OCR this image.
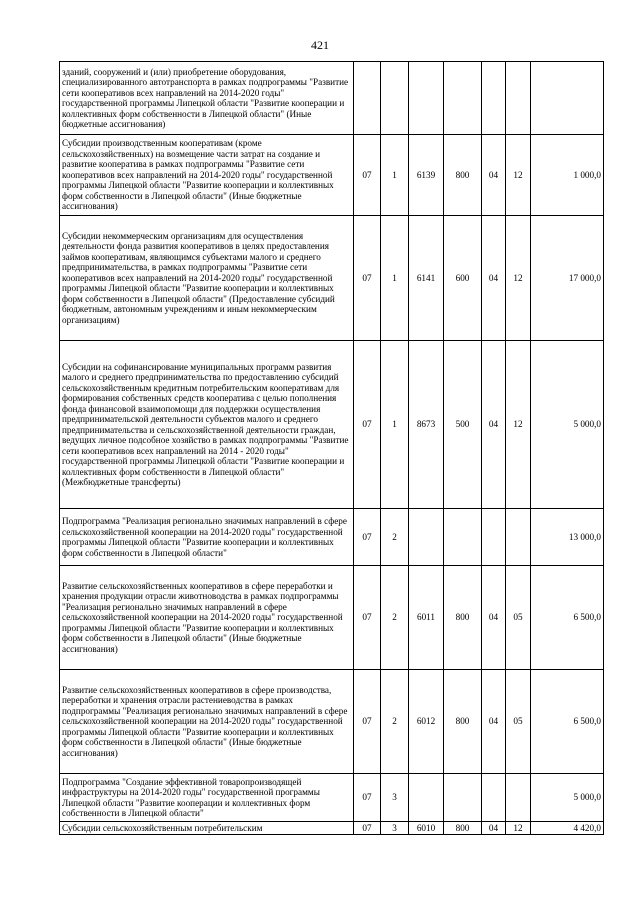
421
зданий, сооружений и (или) приобретение оборудования, специализированного автотранспорта в рамках подпрограммы "Развитие сети кооперативов всех направлений на 2014-2020 годы" государственной программы Липецкой области "Развитие кооперации и коллективных форм собственности в Липецкой области" (Иные бюджетные ассигнования)							
Субсидии производственным кооперативам (кроме сельскохозяйственных) на возмещение части затрат на создание и развитие кооператива в рамках подпрограммы "Развитие сети кооперативов всех направлений на 2014-2020 годы" государственной программы Липецкой области "Развитие кооперации и коллективных форм собственности в Липецкой области" (Иные бюджетные ассигнования)	07	1	6139	800	04	12	1 000,0
Субсидии некоммерческим организациям для осуществления деятельности фонда развития кооперативов в целях предоставления займов кооперативам, являющимся субъектами малого и среднего предпринимательства, в рамках подпрограммы "Развитие сети кооперативов всех направлений на 2014-2020 годы" государственной программы Липецкой области "Развитие кооперации и коллективных форм собственности в Липецкой области" (Предоставление субсидий бюджетным, автономным учреждениям и иным некоммерческим организациям)	07	1	6141	600	04	12	17 000,0
Субсидии на софинансирование муниципальных программ развития малого и среднего предпринимательства по предоставлению субсидий сельскохозяйственным кредитным потребительским кооперативам для формирования собственных средств кооператива с целью пополнения фонда финансовой взаимопомощи для поддержки осуществления предпринимательской деятельности субъектов малого и среднего предпринимательства и сельскохозяйственной деятельности граждан, ведущих личное подсобное хозяйство в рамках подпрограммы "Развитие сети кооперативов всех направлений на 2014 - 2020 годы" государственной программы Липецкой области "Развитие кооперации и коллективных форм собственности в Липецкой области" (Межбюджетные трансферты)	07	1	8673	500	04	12	5 000,0
Подпрограмма "Реализация регионально значимых направлений в сфере сельскохозяйственной кооперации на 2014-2020 годы" государственной программы Липецкой области "Развитие кооперации и коллективных форм собственности в Липецкой области"	07	2					13 000,0
Развитие сельскохозяйственных кооперативов в сфере переработки и хранения продукции отрасли животноводства в рамках подпрограммы "Реализация регионально значимых направлений в сфере сельскохозяйственной кооперации на 2014-2020 годы" государственной программы Липецкой области "Развитие кооперации и коллективных форм собственности в Липецкой области" (Иные бюджетные ассигнования)	07	2	6011	800	04	05	6 500,0
Развитие сельскохозяйственных кооперативов в сфере производства, переработки и хранения отрасли растениеводства в рамках подпрограммы "Реализация регионально значимых направлений в сфере сельскохозяйственной кооперации на 2014-2020 годы" государственной программы Липецкой области "Развитие кооперации и коллективных форм собственности в Липецкой области" (Иные бюджетные ассигнования)	07	2	6012	800	04	05	6 500,0
Подпрограмма "Создание эффективной товаропроизводящей инфраструктуры на 2014-2020 годы" государственной программы Липецкой области "Развитие кооперации и коллективных форм собственности в Липецкой области"	07	3					5 000,0
Субсидии сельскохозяйственным потребительским	07	3	6010	800	04	12	4 420,0
